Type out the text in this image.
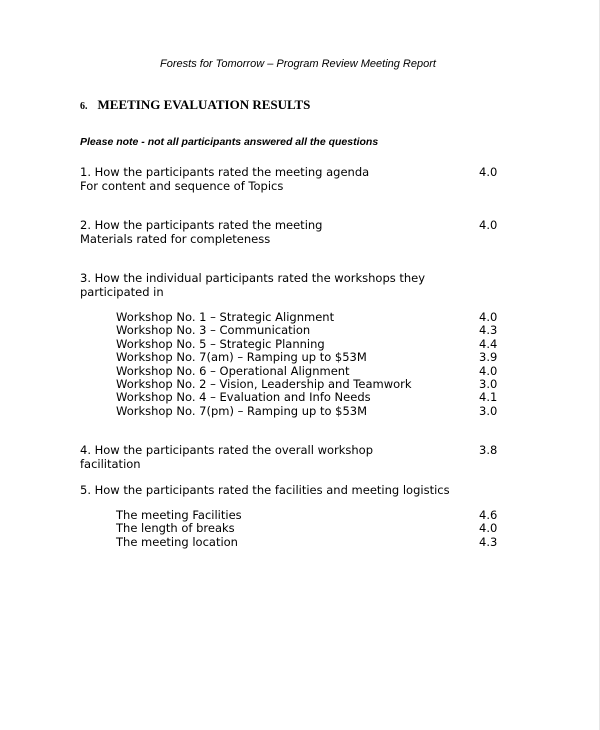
Forests for Tomorrow – Program Review Meeting Report
6. MEETING EVALUATION RESULTS
Please note - not all participants answered all the questions
1. How the participants rated the meeting agenda	4.0
For content and sequence of Topics
2. How the participants rated the meeting	4.0
Materials rated for completeness
3. How the individual participants rated the workshops they
participated in
Workshop No. 1 – Strategic Alignment	4.0
Workshop No. 3 – Communication	4.3
Workshop No. 5 – Strategic Planning	4.4
Workshop No. 7(am) – Ramping up to $53M	3.9
Workshop No. 6 – Operational Alignment	4.0
Workshop No. 2 – Vision, Leadership and Teamwork	3.0
Workshop No. 4 – Evaluation and Info Needs	4.1
Workshop No. 7(pm) – Ramping up to $53M	3.0
4. How the participants rated the overall workshop	3.8
facilitation
5. How the participants rated the facilities and meeting logistics
The meeting Facilities	4.6
The length of breaks	4.0
The meeting location	4.3
